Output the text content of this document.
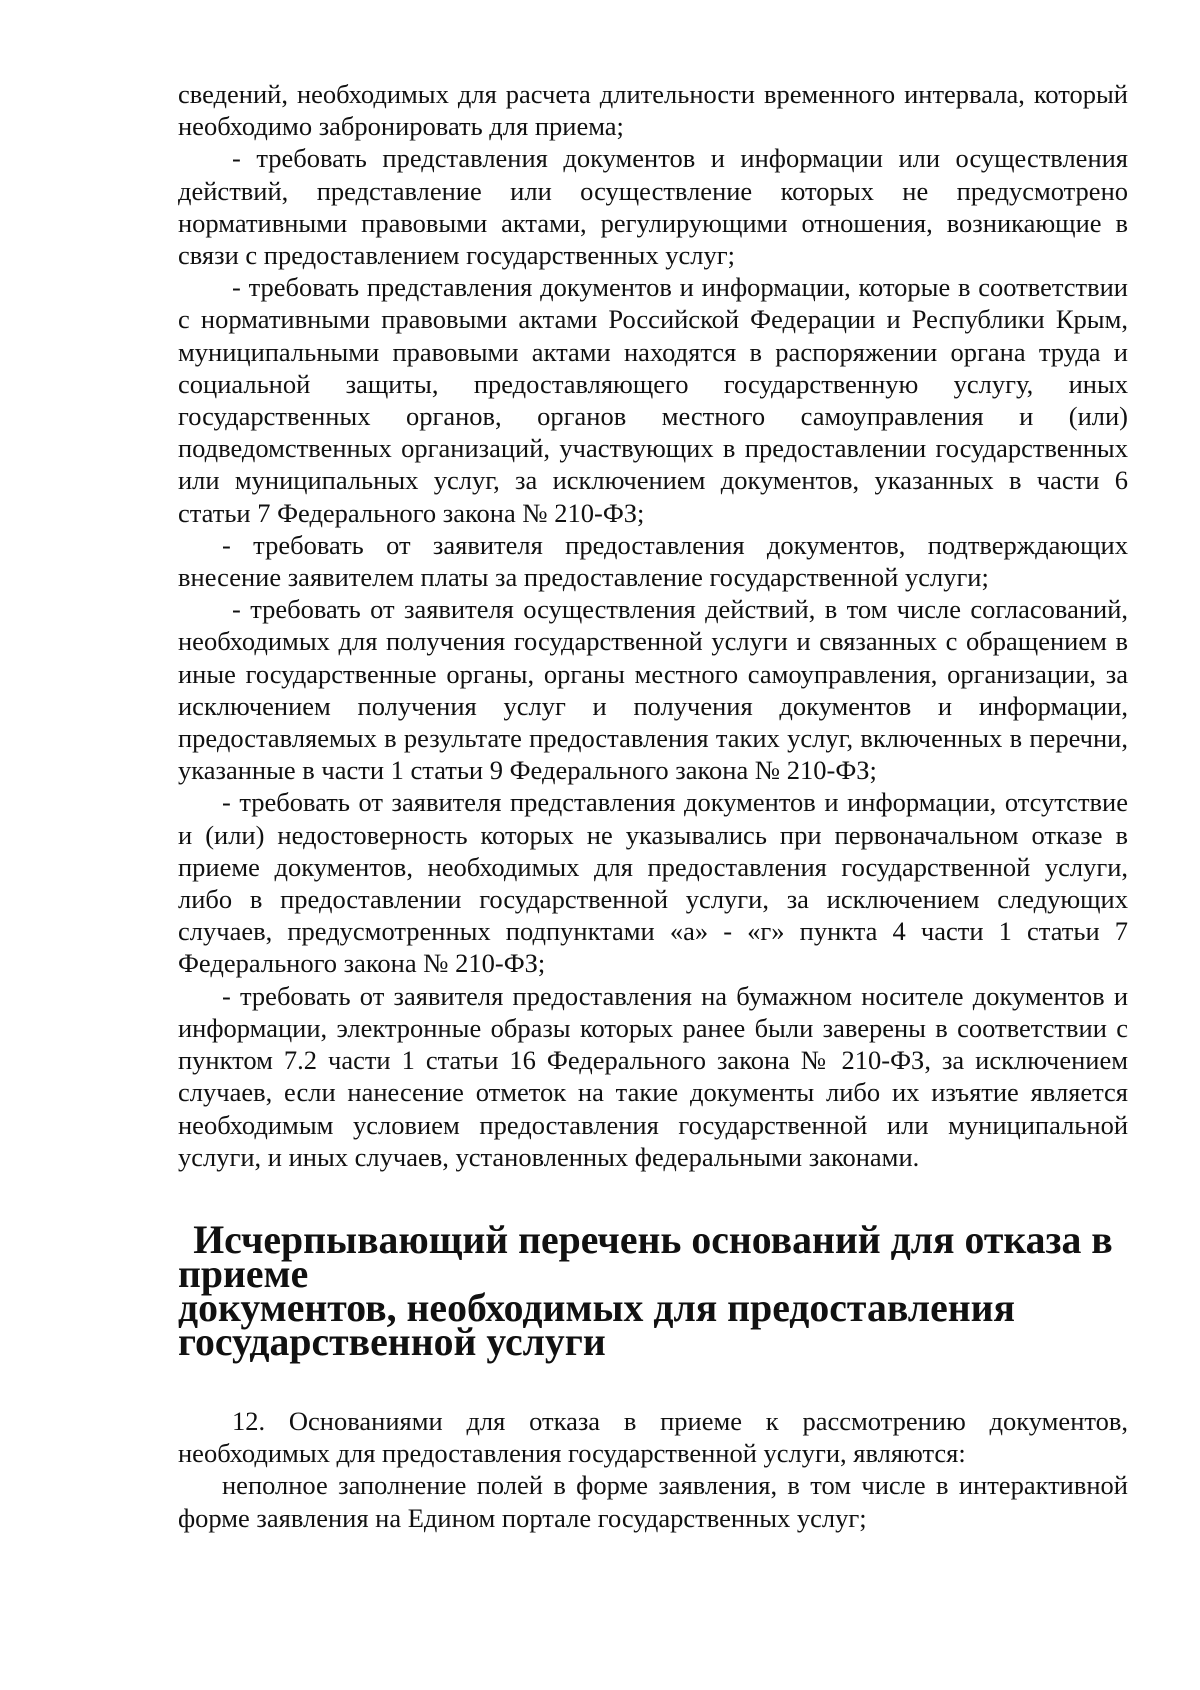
сведений, необходимых для расчета длительности временного интервала, который необходимо забронировать для приема;

- требовать представления документов и информации или осуществления действий, представление или осуществление которых не предусмотрено нормативными правовыми актами, регулирующими отношения, возникающие в связи с предоставлением государственных услуг;

- требовать представления документов и информации, которые в соответствии с нормативными правовыми актами Российской Федерации и Республики Крым, муниципальными правовыми актами находятся в распоряжении органа труда и социальной защиты, предоставляющего государственную услугу, иных государственных органов, органов местного самоуправления и (или) подведомственных организаций, участвующих в предоставлении государственных или муниципальных услуг, за исключением документов, указанных в части 6 статьи 7 Федерального закона № 210-ФЗ;

- требовать от заявителя предоставления документов, подтверждающих внесение заявителем платы за предоставление государственной услуги;

- требовать от заявителя осуществления действий, в том числе согласований, необходимых для получения государственной услуги и связанных с обращением в иные государственные органы, органы местного самоуправления, организации, за исключением получения услуг и получения документов и информации, предоставляемых в результате предоставления таких услуг, включенных в перечни, указанные в части 1 статьи 9 Федерального закона № 210-ФЗ;

- требовать от заявителя представления документов и информации, отсутствие и (или) недостоверность которых не указывались при первоначальном отказе в приеме документов, необходимых для предоставления государственной услуги, либо в предоставлении государственной услуги, за исключением следующих случаев, предусмотренных подпунктами «а» - «г» пункта 4 части 1 статьи 7 Федерального закона № 210-ФЗ;

- требовать от заявителя предоставления на бумажном носителе документов и информации, электронные образы которых ранее были заверены в соответствии с пунктом 7.2 части 1 статьи 16 Федерального закона № 210-ФЗ, за исключением случаев, если нанесение отметок на такие документы либо их изъятие является необходимым условием предоставления государственной или муниципальной услуги, и иных случаев, установленных федеральными законами.

Исчерпывающий перечень оснований для отказа в приеме
документов, необходимых для предоставления
государственной услуги

12. Основаниями для отказа в приеме к рассмотрению документов, необходимых для предоставления государственной услуги, являются:

неполное заполнение полей в форме заявления, в том числе в интерактивной форме заявления на Едином портале государственных услуг;
